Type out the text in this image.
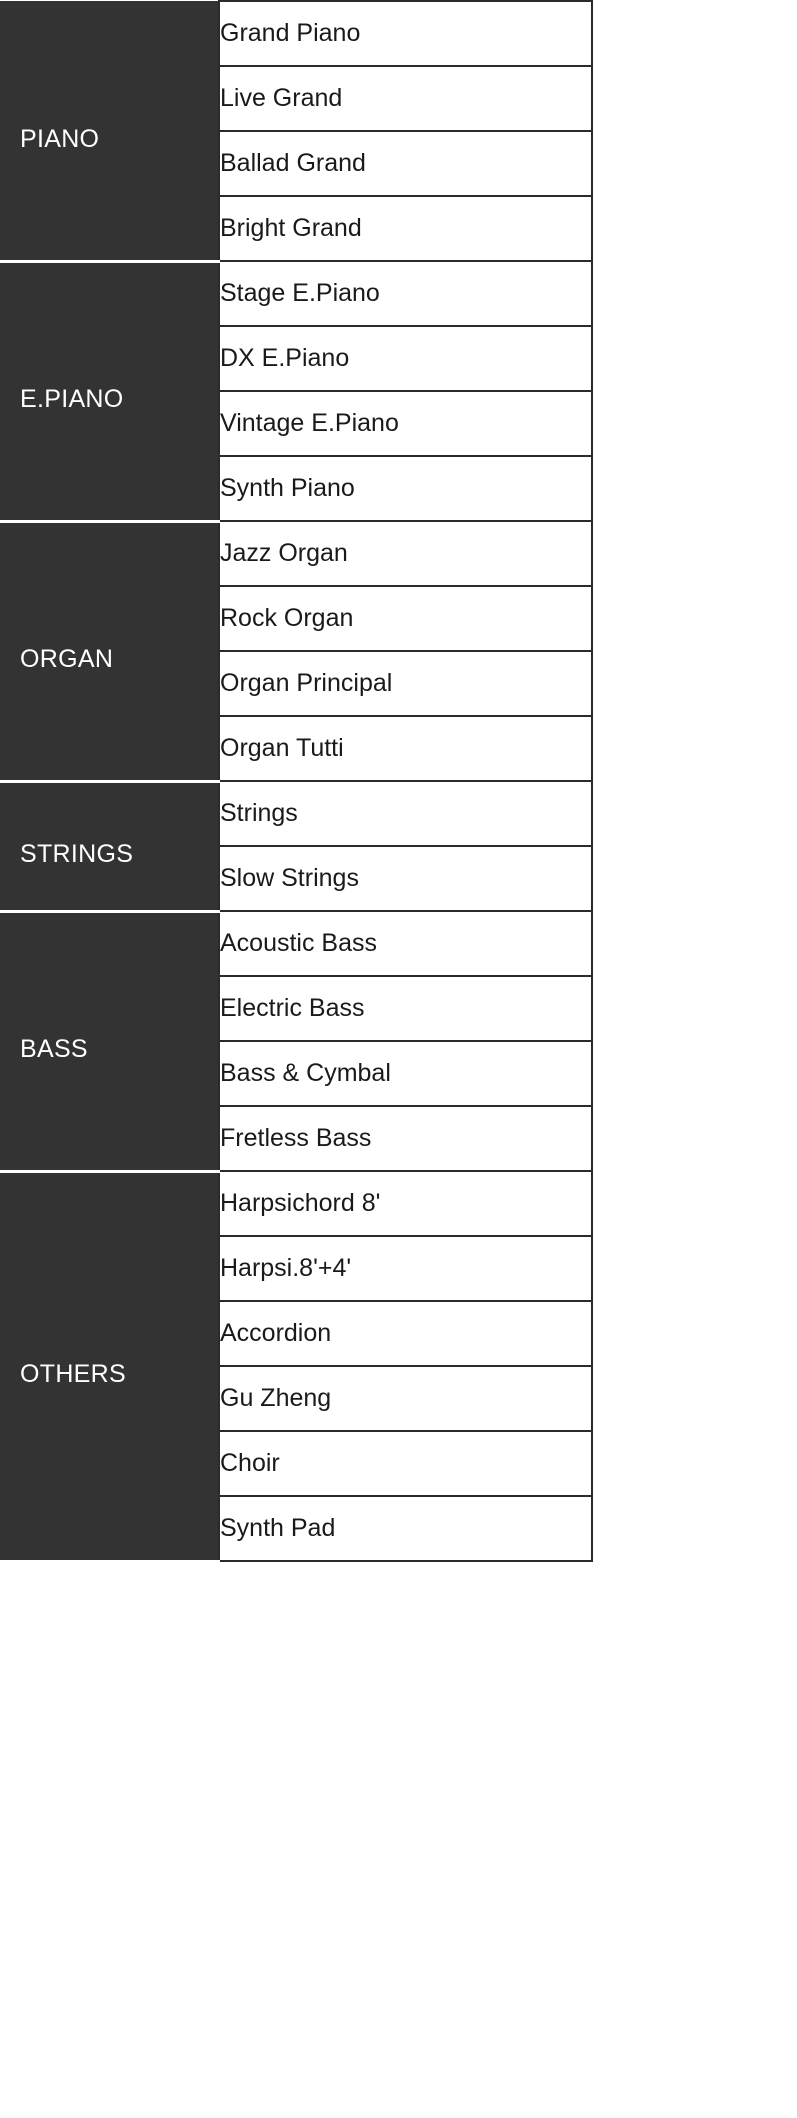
PIANO	Grand Piano

	Live Grand

	Ballad Grand

	Bright Grand

E.PIANO	Stage E.Piano

	DX E.Piano

	Vintage E.Piano

	Synth Piano

ORGAN	Jazz Organ

	Rock Organ

	Organ Principal

	Organ Tutti

STRINGS	Strings

	Slow Strings

BASS	Acoustic Bass

	Electric Bass

	Bass & Cymbal

	Fretless Bass

OTHERS	Harpsichord 8'

	Harpsi.8'+4'

	Accordion

	Gu Zheng

	Choir

	Synth Pad
